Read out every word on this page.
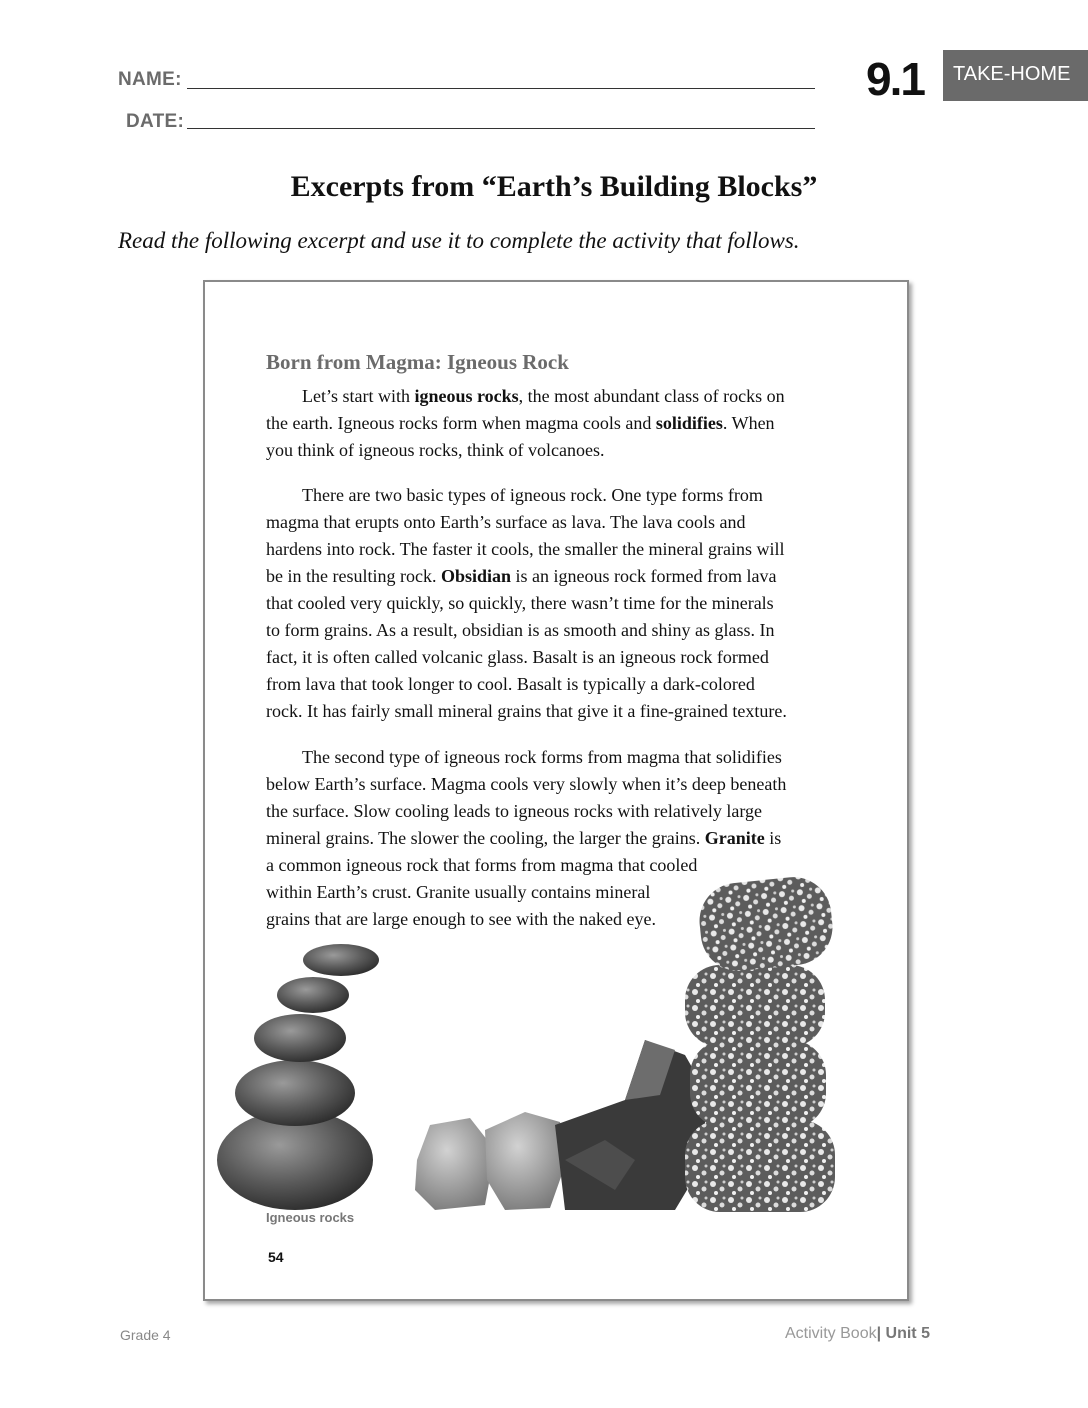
NAME:
DATE:
9.1	TAKE-HOME
Excerpts from “Earth’s Building Blocks”
Read the following excerpt and use it to complete the activity that follows.
Born from Magma: Igneous Rock
Let’s start with igneous rocks, the most abundant class of rocks on
the earth. Igneous rocks form when magma cools and solidifies. When
you think of igneous rocks, think of volcanoes.
There are two basic types of igneous rock. One type forms from
magma that erupts onto Earth’s surface as lava. The lava cools and
hardens into rock. The faster it cools, the smaller the mineral grains will
be in the resulting rock. Obsidian is an igneous rock formed from lava
that cooled very quickly, so quickly, there wasn’t time for the minerals
to form grains. As a result, obsidian is as smooth and shiny as glass. In
fact, it is often called volcanic glass. Basalt is an igneous rock formed
from lava that took longer to cool. Basalt is typically a dark-colored
rock. It has fairly small mineral grains that give it a fine-grained texture.
The second type of igneous rock forms from magma that solidifies
below Earth’s surface. Magma cools very slowly when it’s deep beneath
the surface. Slow cooling leads to igneous rocks with relatively large
mineral grains. The slower the cooling, the larger the grains. Granite is
a common igneous rock that forms from magma that cooled
within Earth’s crust. Granite usually contains mineral
grains that are large enough to see with the naked eye.
Igneous rocks
54
Grade 4	Activity Book| Unit 5
